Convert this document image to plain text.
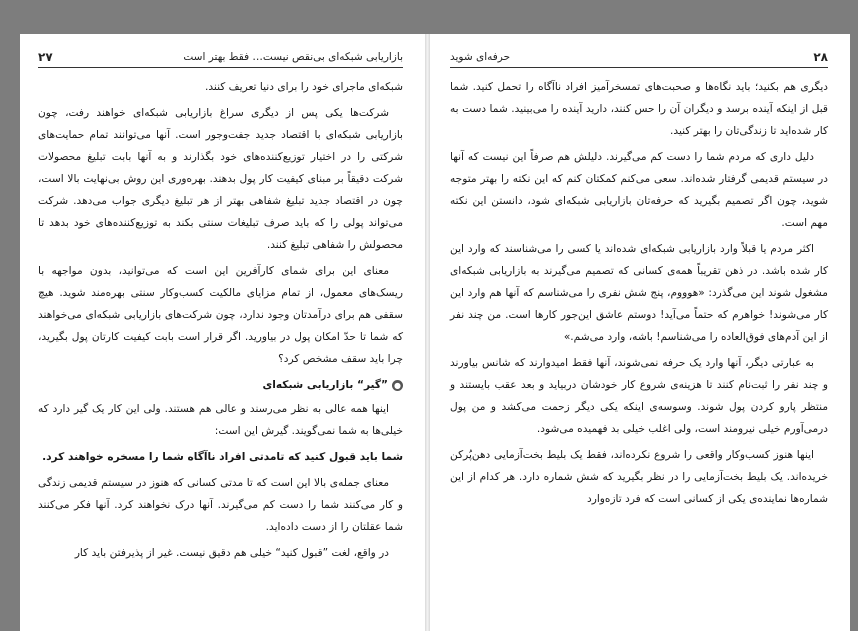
۲۷	بازاریابی شبکه‌ای بی‌نقص نیست… فقط بهتر است

شبکه‌ای ماجرای خود را برای دنیا تعریف کنند.

شرکت‌ها یکی پس از دیگری سراغ بازاریابی شبکه‌ای خواهند رفت، چون بازاریابی شبکه‌ای با اقتصاد جدید جفت‌وجور است. آنها می‌توانند تمام حمایت‌های شرکتی را در اختیار توزیع‌کننده‌های خود بگذارند و به آنها بابت تبلیغ محصولات شرکت دقیقاً بر مبنای کیفیت کار پول بدهند. بهره‌وری این روش بی‌نهایت بالا است، چون در اقتصاد جدید تبلیغ شفاهی بهتر از هر تبلیغ دیگری جواب می‌دهد. شرکت می‌تواند پولی را که باید صرف تبلیغات سنتی بکند به توزیع‌کننده‌های خود بدهد تا محصولش را شفاهی تبلیغ کنند.

معنای این برای شمای کارآفرین این است که می‌توانید، بدون مواجهه با ریسک‌های معمول، از تمام مزایای مالکیت کسب‌وکار سنتی بهره‌مند شوید. هیچ سقفی هم برای درآمدتان وجود ندارد، چون شرکت‌های بازاریابی شبکه‌ای می‌خواهند که شما تا حدّ امکان پول در بیاورید. اگر قرار است بابت کیفیت کارتان پول بگیرید، چرا باید سقف مشخص کرد؟

●
”گیر“ بازاریابی شبکه‌ای

اینها همه عالی به نظر می‌رسند و عالی هم هستند. ولی این کار یک گیر دارد که خیلی‌ها به شما نمی‌گویند. گیرش این است:

شما باید قبول کنید که تا‌مدتی افراد ناآگاه شما را مسخره خواهند کرد.

معنای جمله‌ی بالا این است که تا مدتی کسانی که هنوز در سیستم قدیمی زندگی و کار می‌کنند شما را دست کم می‌گیرند. آنها درک نخواهند کرد. آنها فکر می‌کنند شما عقلتان را از دست داده‌اید.

در واقع، لغت ”قبول کنید“ خیلی هم دقیق نیست. غیر از پذیرفتن باید کار

حرفه‌ای شوید	۲۸

دیگری هم بکنید؛ باید نگاه‌ها و صحبت‌های تمسخرآمیز افراد ناآگاه را تحمل کنید. شما قبل از اینکه آینده برسد و دیگران آن را حس کنند، دارید آینده را می‌بینید. شما دست به کار شده‌اید تا زندگی‌تان را بهتر کنید.

دلیل داری که مردم شما را دست کم می‌گیرند. دلیلش هم صرفاً این نیست که آنها در سیستم قدیمی گرفتار شده‌اند. سعی می‌کنم کمکتان کنم که این نکته را بهتر متوجه شوید، چون اگر تصمیم بگیرید که حرفه‌تان بازاریابی شبکه‌ای شود، دانستن این نکته مهم است.

اکثر مردم یا قبلاً وارد بازاریابی شبکه‌ای شده‌اند یا کسی را می‌شناسند که وارد این کار شده باشد. در ذهن تقریباً همه‌ی کسانی که تصمیم می‌گیرند به بازاریابی شبکه‌ای مشغول شوند این می‌گذرد: «هوووم، پنج شش نفری را می‌شناسم که آنها هم وارد این کار می‌شوند! خواهرم که حتماً می‌آید! دوستم عاشق این‌جور کارها است. من چند نفر از این آدم‌های فوق‌العاده را می‌شناسم! باشه، وارد می‌شم.»

به عبارتی دیگر، آنها وارد یک حرفه نمی‌شوند، آنها فقط امیدوارند که شانس بیاورند و چند نفر را ثبت‌نام کنند تا هزینه‌ی شروع کار خودشان دربیاید و بعد عقب بایستند و منتظر پارو کردن پول شوند. وسوسه‌ی اینکه یکی دیگر زحمت می‌کشد و من پول درمی‌آورم خیلی نیرومند است، ولی اغلب خیلی بد فهمیده می‌شود.

اینها هنوز کسب‌وکار واقعی را شروع نکرده‌اند، فقط یک بلیط بخت‌آزمایی دهن‌پُرکن خریده‌اند. یک بلیط بخت‌آزمایی را در نظر بگیرید که شش شماره دارد. هر کدام از این شماره‌ها نماینده‌ی یکی از کسانی است که فرد تازه‌وارد
